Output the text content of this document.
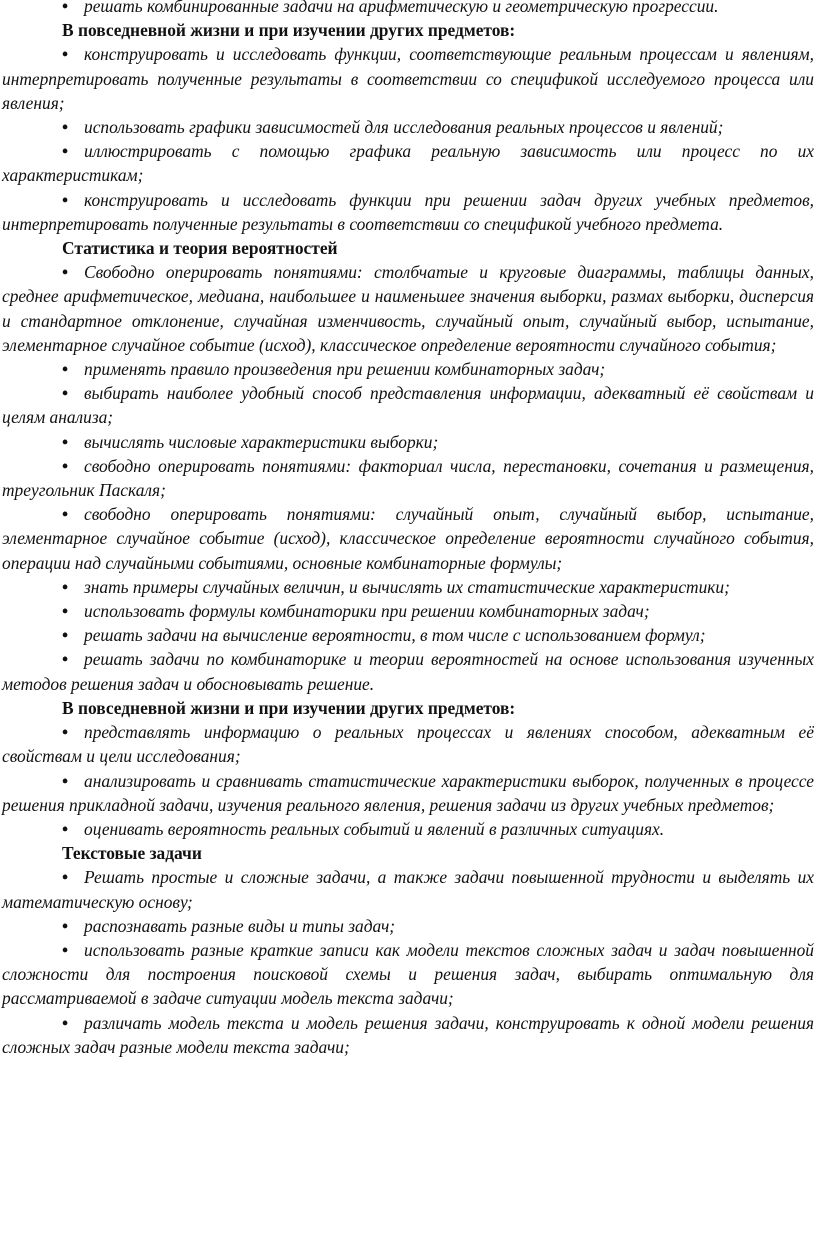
• решать комбинированные задачи на арифметическую и геометрическую прогрессии.

В повседневной жизни и при изучении других предметов:

• конструировать и исследовать функции, соответствующие реальным процессам и явлениям, интерпретировать полученные результаты в соответствии со спецификой исследуемого процесса или явления;

• использовать графики зависимостей для исследования реальных процессов и явлений;

• иллюстрировать с помощью графика реальную зависимость или процесс по их характеристикам;

• конструировать и исследовать функции при решении задач других учебных предметов, интерпретировать полученные результаты в соответствии со спецификой учебного предмета.

Статистика и теория вероятностей

• Свободно оперировать понятиями: столбчатые и круговые диаграммы, таблицы данных, среднее арифметическое, медиана, наибольшее и наименьшее значения выборки, размах выборки, дисперсия и стандартное отклонение, случайная изменчивость, случайный опыт, случайный выбор, испытание, элементарное случайное событие (исход), классическое определение вероятности случайного события;

• применять правило произведения при решении комбинаторных задач;

• выбирать наиболее удобный способ представления информации, адекватный её свойствам и целям анализа;

• вычислять числовые характеристики выборки;

• свободно оперировать понятиями: факториал числа, перестановки, сочетания и размещения, треугольник Паскаля;

• свободно оперировать понятиями: случайный опыт, случайный выбор, испытание, элементарное случайное событие (исход), классическое определение вероятности случайного события, операции над случайными событиями, основные комбинаторные формулы;

• знать примеры случайных величин, и вычислять их статистические характеристики;

• использовать формулы комбинаторики при решении комбинаторных задач;

• решать задачи на вычисление вероятности, в том числе с использованием формул;

• решать задачи по комбинаторике и теории вероятностей на основе использования изученных методов решения задач и обосновывать решение.

В повседневной жизни и при изучении других предметов:

• представлять информацию о реальных процессах и явлениях способом, адекватным её свойствам и цели исследования;

• анализировать и сравнивать статистические характеристики выборок, полученных в процессе решения прикладной задачи, изучения реального явления, решения задачи из других учебных предметов;

• оценивать вероятность реальных событий и явлений в различных ситуациях.

Текстовые задачи

• Решать простые и сложные задачи, а также задачи повышенной трудности и выделять их математическую основу;

• распознавать разные виды и типы задач;

• использовать разные краткие записи как модели текстов сложных задач и задач повышенной сложности для построения поисковой схемы и решения задач, выбирать оптимальную для рассматриваемой в задаче ситуации модель текста задачи;

• различать модель текста и модель решения задачи, конструировать к одной модели решения сложных задач разные модели текста задачи;
